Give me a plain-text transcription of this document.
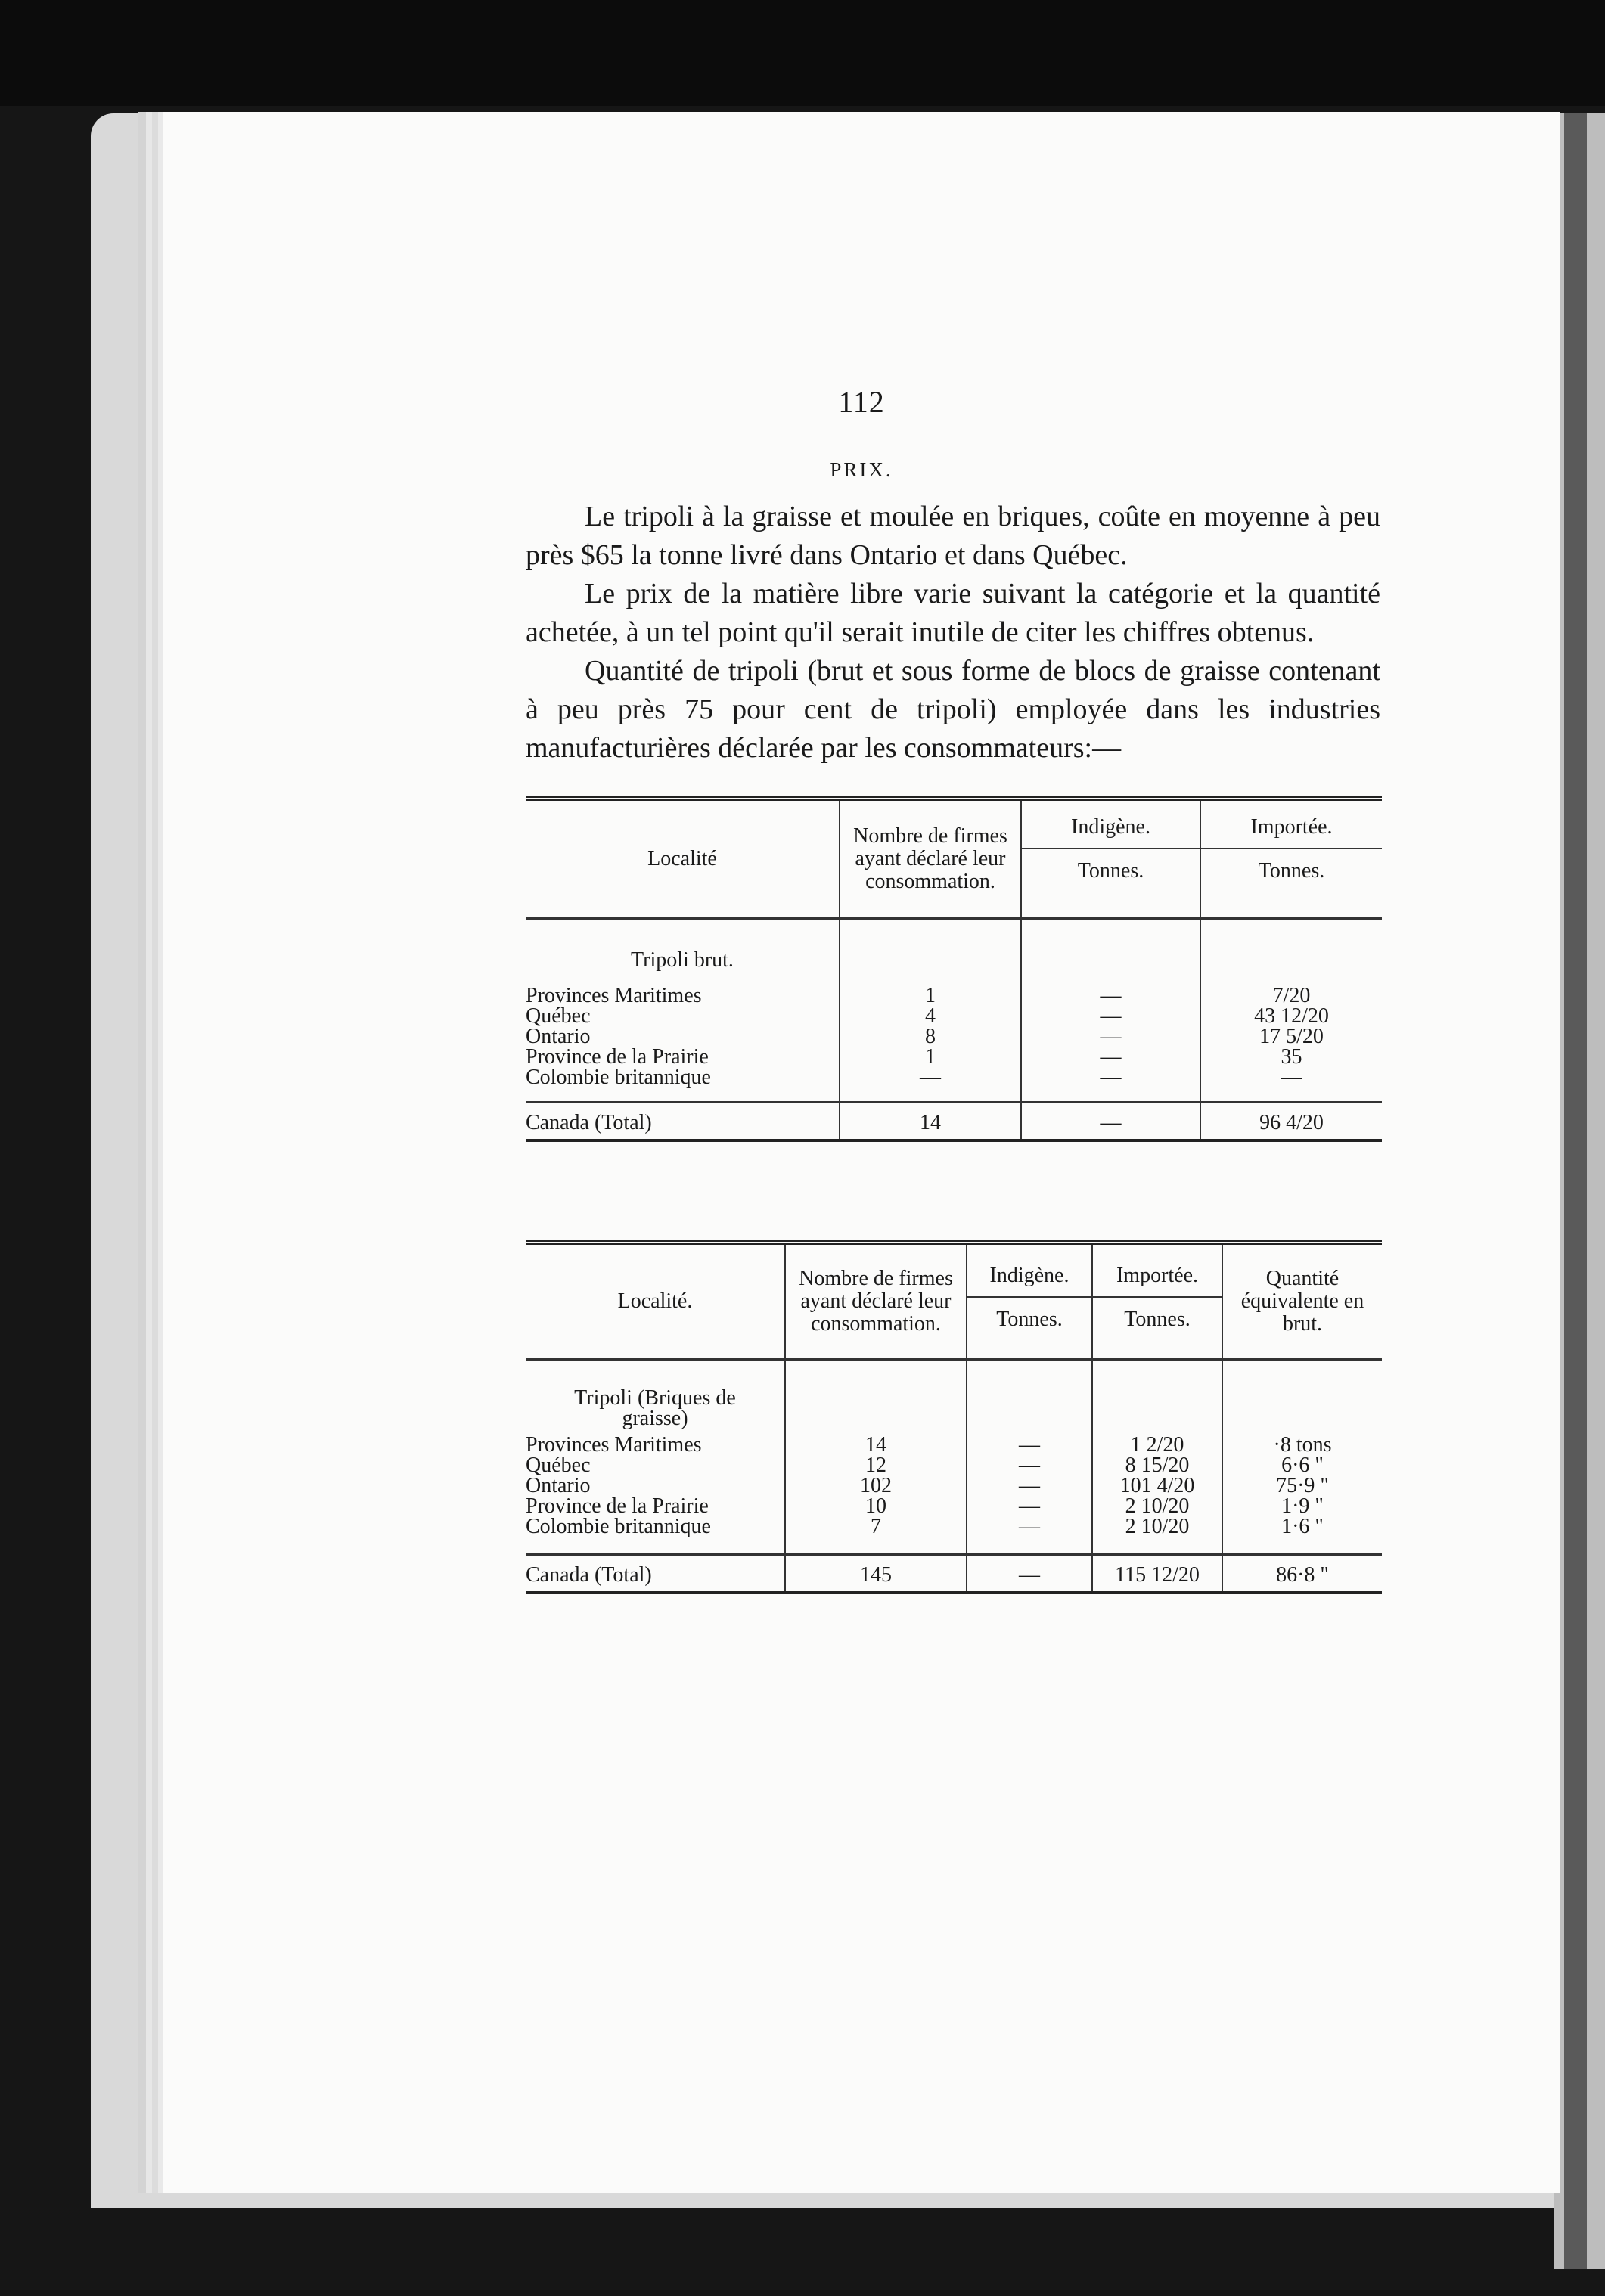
112
PRIX.

Le tripoli à la graisse et moulée en briques, coûte en moyenne à peu près $65 la tonne livré dans Ontario et dans Québec.

Le prix de la matière libre varie suivant la catégorie et la quantité achetée, à un tel point qu'il serait inutile de citer les chiffres obtenus.

Quantité de tripoli (brut et sous forme de blocs de graisse contenant à peu près 75 pour cent de tripoli) employée dans les industries manufacturières déclarée par les consommateurs:—

Localité	Nombre de firmes ayant déclaré leur consommation.	Indigène.	Importée.
		Tonnes.	Tonnes.
Tripoli brut.			
Provinces Maritimes	1	—	7/20
Québec	4	—	43 12/20
Ontario	8	—	17 5/20
Province de la Prairie	1	—	35
Colombie britannique	—	—	—
Canada (Total)	14	—	96 4/20
Localité.	Nombre de firmes ayant déclaré leur consommation.	Indigène.	Importée.	Quantité équivalente en brut.
		Tonnes.	Tonnes.	
Tripoli (Briques de graisse)				
Provinces Maritimes	14	—	1 2/20	·8 tons
Québec	12	—	8 15/20	6·6 "
Ontario	102	—	101 4/20	75·9 "
Province de la Prairie	10	—	2 10/20	1·9 "
Colombie britannique	7	—	2 10/20	1·6 "
Canada (Total)	145	—	115 12/20	86·8 "
